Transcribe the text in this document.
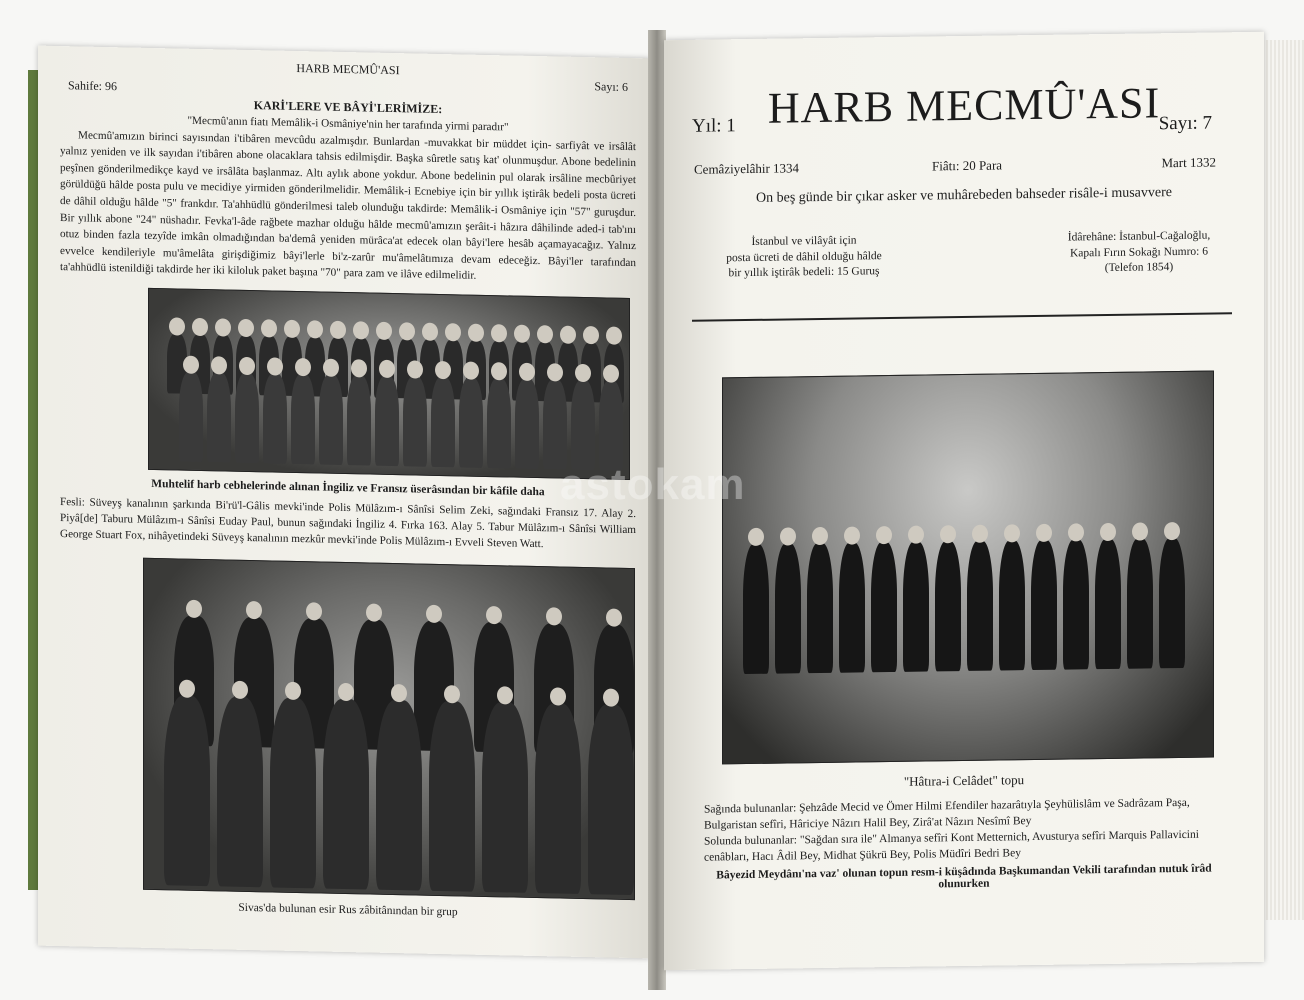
HARB MECMÛ'ASI
Sahife: 96	Sayı: 6
KARİ'LERE VE BÂYİ'LERİMİZE:

"Mecmû'anın fiatı Memâlik-i Osmâniye'nin her tarafında yirmi paradır"

Mecmû'amızın birinci sayısından i'tibâren mevcûdu azalmışdır. Bunlardan -muvakkat bir müddet için- sarfiyât ve irsâlât yalnız yeniden ve ilk sayıdan i'tibâren abone olacaklara tahsis edilmişdir. Başka sûretle satış kat' olunmuşdur. Abone bedelinin peşînen gönderilmedikçe kayd ve irsâlâta başlanmaz. Altı aylık abone yokdur. Abone bedelinin pul olarak irsâline mecbûriyet görüldüğü hâlde posta pulu ve mecidiye yirmiden gönderilmelidir. Memâlik-i Ecnebiye için bir yıllık iştirâk bedeli posta ücreti de dâhil olduğu hâlde "5" frankdır. Ta'ahhüdlü gönderilmesi taleb olunduğu takdirde: Memâlik-i Osmâniye için "57" guruşdur. Bir yıllık abone "24" nüshadır. Fevka'l-âde rağbete mazhar olduğu hâlde mecmû'amızın şerâit-i hâzıra dâhilinde aded-i tab'ını otuz binden fazla tezyîde imkân olmadığından ba'demâ yeniden mürâca'at edecek olan bâyi'lere hesâb açamayacağız. Yalnız evvelce kendileriyle mu'âmelâta girişdiğimiz bâyi'lerle bi'z-zarûr mu'âmelâtımıza devam edeceğiz. Bâyi'ler tarafından ta'ahhüdlü istenildiği takdirde her iki kiloluk paket başına "70" para zam ve ilâve edilmelidir.

Muhtelif harb cebhelerinde alınan İngiliz ve Fransız üserâsından bir kâfile daha
Fesli: Süveyş kanalının şarkında Bi'rü'l-Gâlis mevki'inde Polis Mülâzım-ı Sânîsi Selim Zeki, sağındaki Fransız 17. Alay 2. Piyâ[de] Taburu Mülâzım-ı Sânîsi Euday Paul, bunun sağındaki İngiliz 4. Fırka 163. Alay 5. Tabur Mülâzım-ı Sânîsi William George Stuart Fox, nihâyetindeki Süveyş kanalının mezkûr mevki'inde Polis Mülâzım-ı Evveli Steven Watt.
Sivas'da bulunan esir Rus zâbitânından bir grup
Yıl: 1 HARB MECMÛ'ASI
Sayı: 7
Cemâziyelâhir 1334	Fiâtı: 20 Para	Mart 1332
On beş günde bir çıkar asker ve muhârebeden bahseder risâle-i musavvere
İstanbul ve vilâyât için
posta ücreti de dâhil olduğu hâlde
bir yıllık iştirâk bedeli: 15 Guruş
İdârehâne: İstanbul-Cağaloğlu,
Kapalı Fırın Sokağı Numro: 6
(Telefon 1854)
"Hâtıra-i Celâdet" topu
Sağında bulunanlar: Şehzâde Mecid ve Ömer Hilmi Efendiler hazarâtıyla Şeyhülislâm ve Sadrâzam Paşa, Bulgaristan sefîri, Hâriciye Nâzırı Halil Bey, Zirâ'at Nâzırı Nesîmî Bey
Solunda bulunanlar: "Sağdan sıra ile" Almanya sefîri Kont Metternich, Avusturya sefîri Marquis Pallavicini cenâbları, Hacı Âdil Bey, Midhat Şükrü Bey, Polis Müdîri Bedri Bey
Bâyezid Meydânı'na vaz' olunan topun resm-i küşâdında Başkumandan Vekili tarafından nutuk îrâd olunurken
astokam
